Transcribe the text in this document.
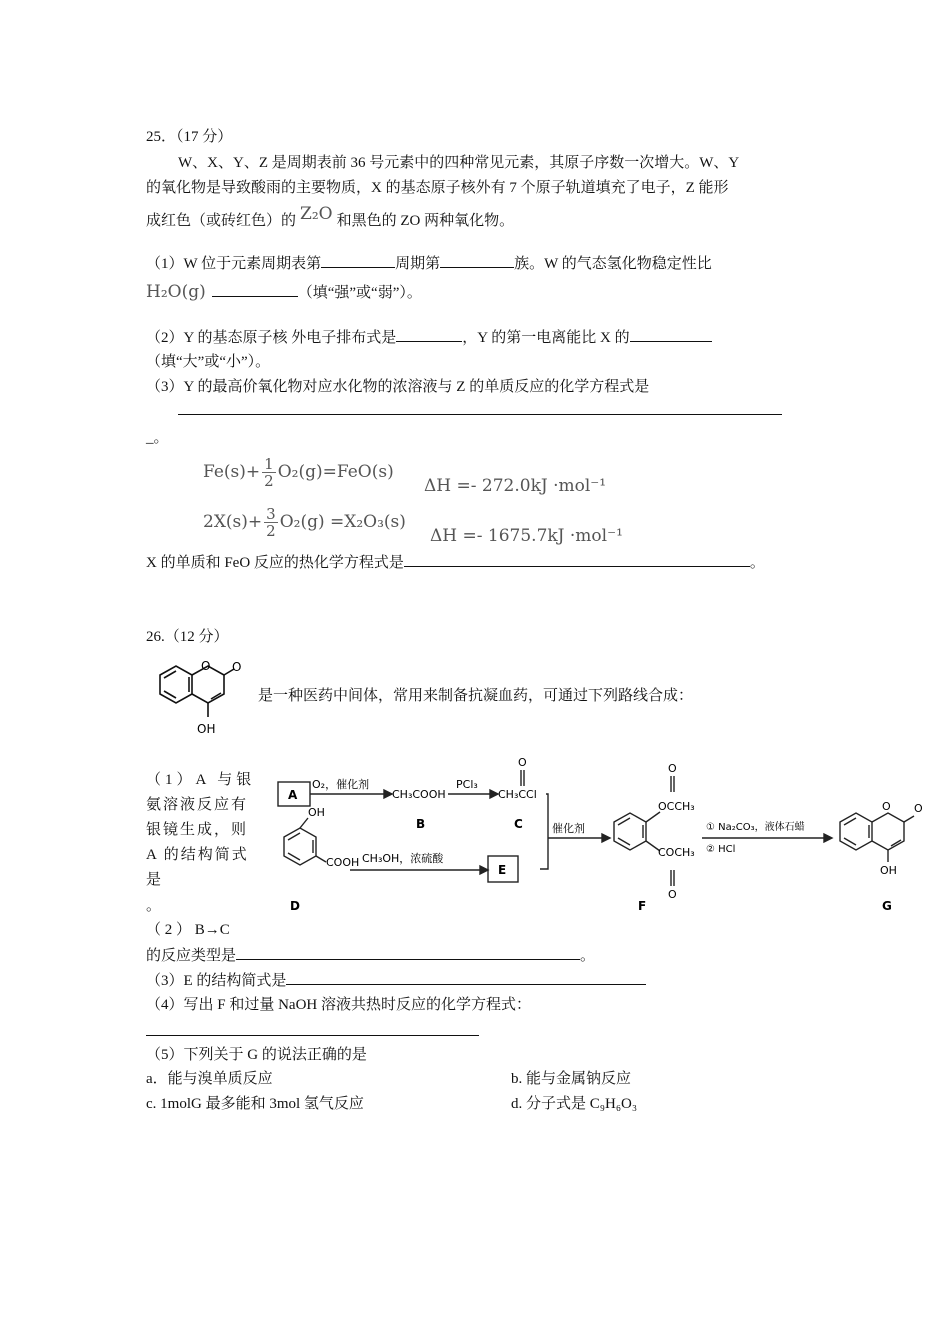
25．（17 分）
W、X、Y、Z 是周期表前 36 号元素中的四种常见元素，其原子序数一次增大。W、Y
的氧化物是导致酸雨的主要物质，X 的基态原子核外有 7 个原子轨道填充了电子，Z 能形
成红色（或砖红色）的 Z₂O 和黑色的 ZO 两种氧化物。
（1）W 位于元素周期表第	周期第	族。W 的气态氢化物稳定性比
H₂O(g)	（填“强”或“弱”）。
（2）Y 的基态原子核 外电子排布式是	，Y 的第一电离能比 X 的
（填“大”或“小”）。
（3）Y 的最高价氧化物对应水化物的浓溶液与 Z 的单质反应的化学方程式是
_。
$Fe(s)+ \frac{1}{2} O_2(g)=FeO(s)$
ΔH =- 272.0kJ ·mol⁻¹
$2X(s)+ \frac{3}{2} O_2(g) =X_2O_3(s)$
ΔH =- 1675.7kJ ·mol⁻¹
X 的单质和 FeO 反应的热化学方程式是	。
26.（12 分）
O O
OH
是一种医药中间体，常用来制备抗凝血药，可通过下列路线合成：
（1）A 与银
氨溶液反应有
银镜生成，则
A 的结构简式
是
。
A
O₂，催化剂
CH₃COOH
B
PCl₃
O
CH₃CCl
C	催化剂
OH
COOH
D
CH₃OH，浓硫酸
E
O
OCCH₃
COCH₃
O
F
① Na₂CO₃，液体石蜡
② HCl
O O
OH
G
（ 2 ） B→C
的反应类型是	。
（3）E 的结构简式是
（4）写出 F 和过量 NaOH 溶液共热时反应的化学方程式：
（5）下列关于 G 的说法正确的是
a．能与溴单质反应	b. 能与金属钠反应
c. 1molG 最多能和 3mol 氢气反应	d. 分子式是 C₉H₆O₃
